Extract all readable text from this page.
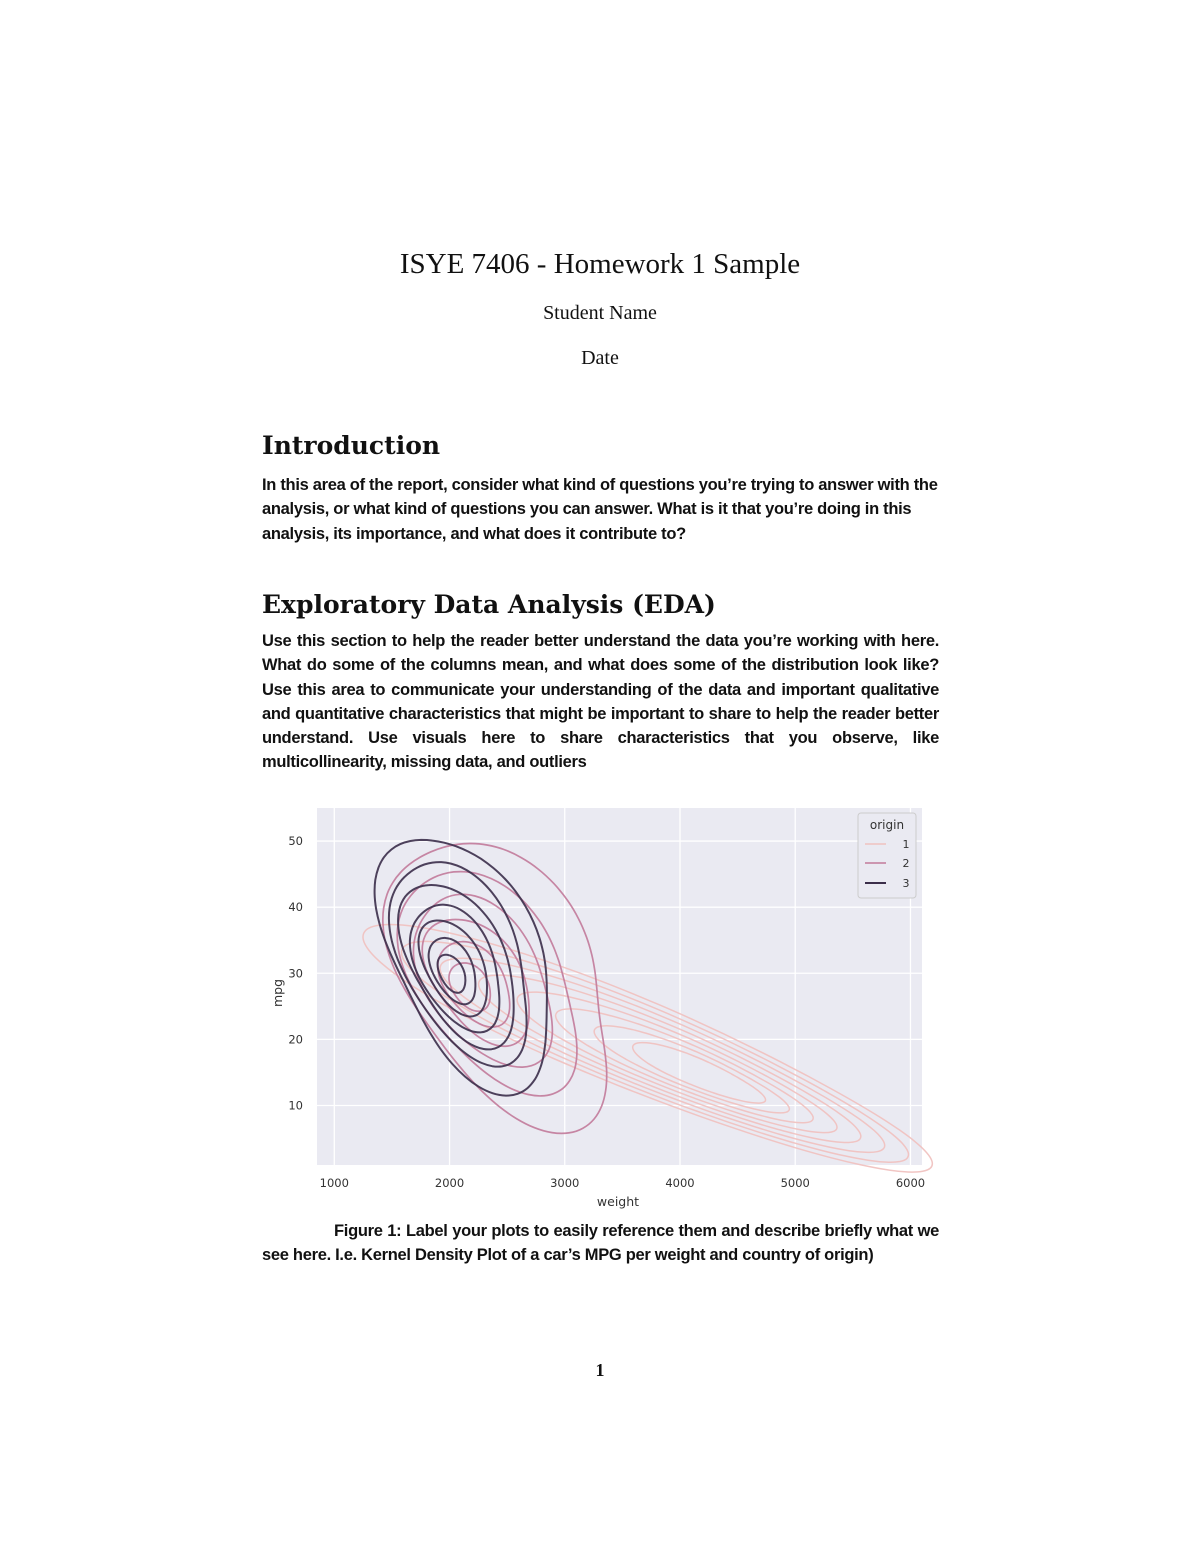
ISYE 7406 - Homework 1 Sample
Student Name
Date
Introduction

In this area of the report, consider what kind of questions you’re trying to answer with the analysis, or what kind of questions you can answer. What is it that you’re doing in this analysis, its importance, and what does it contribute to?

Exploratory Data Analysis (EDA)

Use this section to help the reader better understand the data you’re working with here. What do some of the columns mean, and what does some of the distribution look like? Use this area to communicate your understanding of the data and important qualitative and quantitative characteristics that might be important to share to help the reader better understand. Use visuals here to share characteristics that you observe, like multicollinearity, missing data, and outliers

1000	2000	3000	4000	5000	6000
10
20
30
40
50
weight
mpg
origin
1
2
3

Figure 1: Label your plots to easily reference them and describe briefly what we see here. I.e. Kernel Density Plot of a car’s MPG per weight and country of origin)

1
